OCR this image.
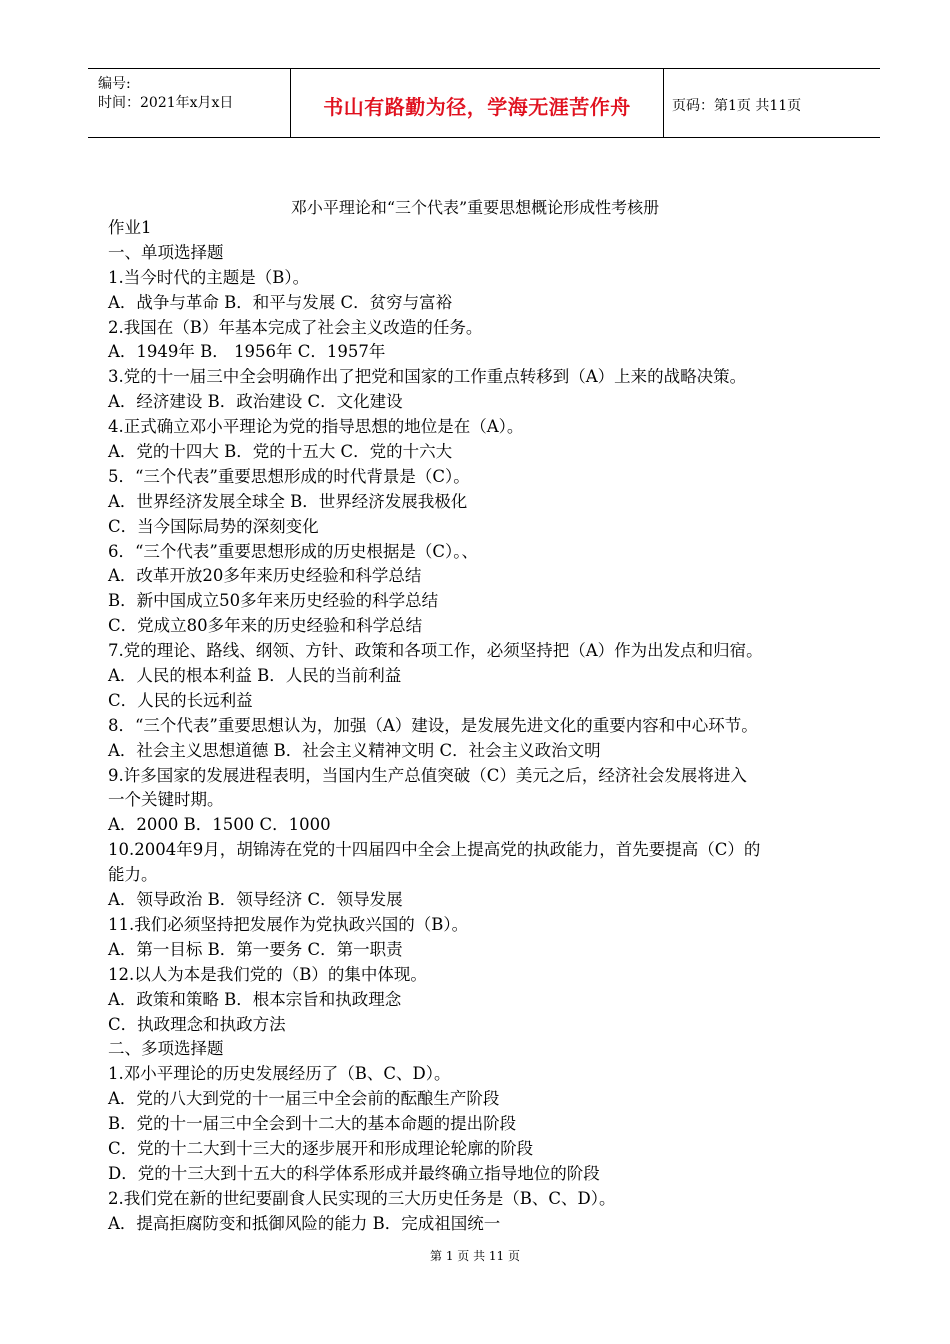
编号:
时间：2021年x月x日	书山有路勤为径，学海无涯苦作舟	页码：第1页 共11页
邓小平理论和“三个代表”重要思想概论形成性考核册
作业1
一、单项选择题
1.当今时代的主题是（B）。
A．战争与革命 B．和平与发展 C．贫穷与富裕
2.我国在（B）年基本完成了社会主义改造的任务。
A．1949年 B． 1956年 C．1957年
3.党的十一届三中全会明确作出了把党和国家的工作重点转移到（A）上来的战略决策。
A．经济建设 B．政治建设 C．文化建设
4.正式确立邓小平理论为党的指导思想的地位是在（A）。
A．党的十四大 B．党的十五大 C．党的十六大
5．“三个代表”重要思想形成的时代背景是（C）。
A．世界经济发展全球全 B．世界经济发展我极化
C．当今国际局势的深刻变化
6．“三个代表”重要思想形成的历史根据是（C）。、
A．改革开放20多年来历史经验和科学总结
B．新中国成立50多年来历史经验的科学总结
C．党成立80多年来的历史经验和科学总结
7.党的理论、路线、纲领、方针、政策和各项工作，必须坚持把（A）作为出发点和归宿。
A．人民的根本利益 B．人民的当前利益
C．人民的长远利益
8．“三个代表”重要思想认为，加强（A）建设，是发展先进文化的重要内容和中心环节。
A．社会主义思想道德 B．社会主义精神文明 C．社会主义政治文明
9.许多国家的发展进程表明，当国内生产总值突破（C）美元之后，经济社会发展将进入
一个关键时期。
A．2000 B．1500 C．1000
10.2004年9月，胡锦涛在党的十四届四中全会上提高党的执政能力，首先要提高（C）的
能力。
A．领导政治 B．领导经济 C．领导发展
11.我们必须坚持把发展作为党执政兴国的（B）。
A．第一目标 B．第一要务 C．第一职责
12.以人为本是我们党的（B）的集中体现。
A．政策和策略 B．根本宗旨和执政理念
C．执政理念和执政方法
二、多项选择题
1.邓小平理论的历史发展经历了（B、C、D）。
A．党的八大到党的十一届三中全会前的酝酿生产阶段
B．党的十一届三中全会到十二大的基本命题的提出阶段
C．党的十二大到十三大的逐步展开和形成理论轮廓的阶段
D．党的十三大到十五大的科学体系形成并最终确立指导地位的阶段
2.我们党在新的世纪要副食人民实现的三大历史任务是（B、C、D）。
A．提高拒腐防变和抵御风险的能力 B．完成祖国统一
第 1 页 共 11 页
